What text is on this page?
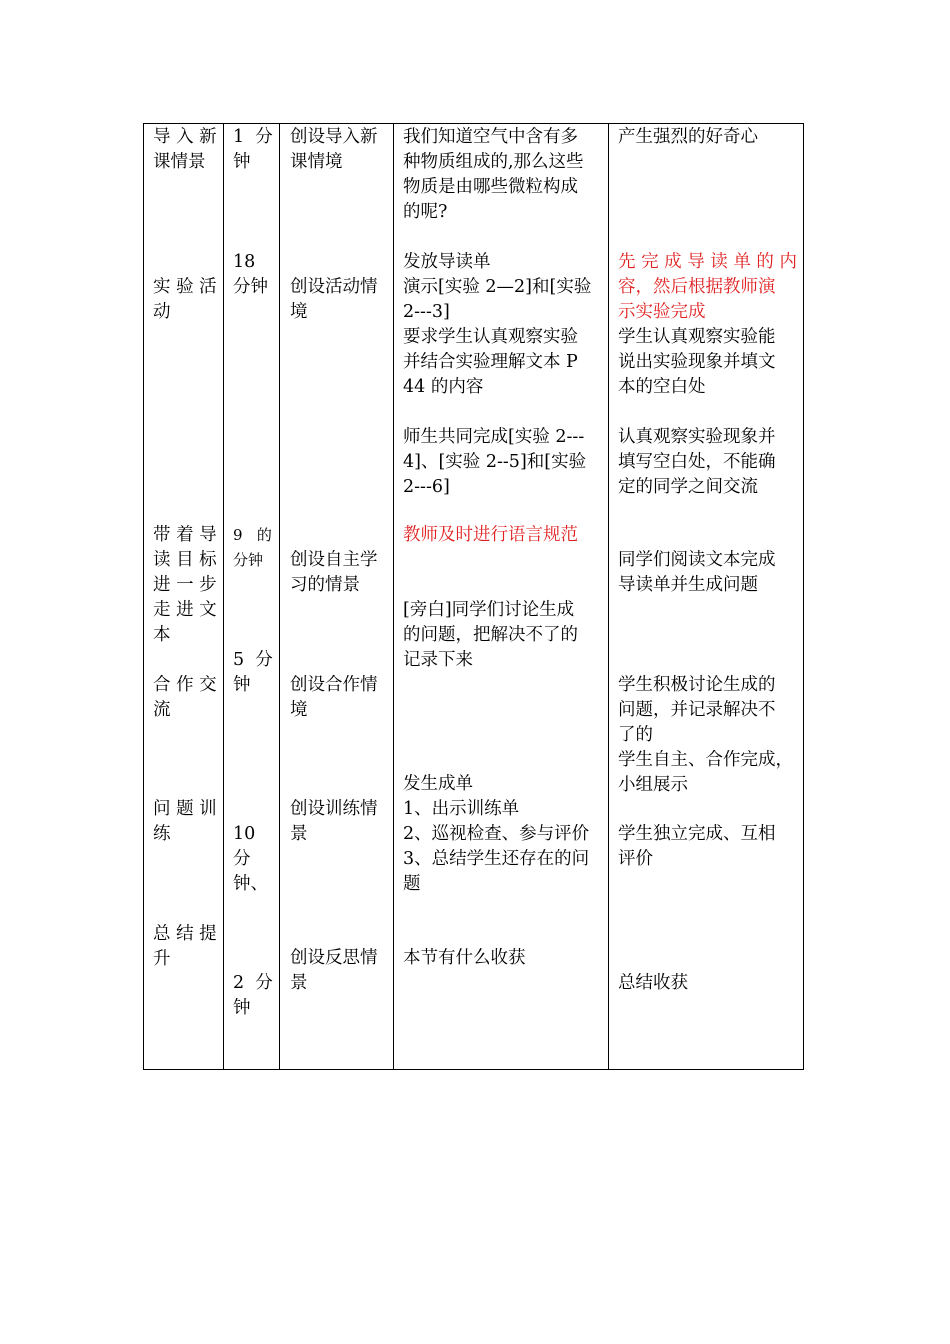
导 入 新
课情景
1  分
钟
创设导入新
课情境
我们知道空气中含有多
种物质组成的,那么这些
物质是由哪些微粒构成
的呢?
产生强烈的好奇心
18
分钟
实 验 活
动
创设活动情
境
发放导读单
演示[实验 2—2]和[实验
2---3]
要求学生认真观察实验
并结合实验理解文本 P
44 的内容
师生共同完成[实验 2---
4]、[实验 2--5]和[实验
2---6]
先 完 成 导 读 单 的 内
容，然后根据教师演
示实验完成
学生认真观察实验能
说出实验现象并填文
本的空白处
认真观察实验现象并
填写空白处，不能确
定的同学之间交流
带 着 导
读 目 标
进 一 步
走 进 文
本
9   的
分钟	创设自主学
习的情景
教师及时进行语言规范
[旁白]同学们讨论生成
的问题，把解决不了的
记录下来
同学们阅读文本完成
导读单并生成问题
5  分
钟
合 作 交
流
创设合作情
境
学生积极讨论生成的
问题，并记录解决不
了的
学生自主、合作完成，
小组展示
发生成单
1、出示训练单
2、巡视检查、参与评价
3、总结学生还存在的问
题
问 题 训
练
创设训练情
景
10
分
钟、
学生独立完成、互相
评价
总 结 提
升	创设反思情
景
本节有什么收获
2  分
钟
总结收获
